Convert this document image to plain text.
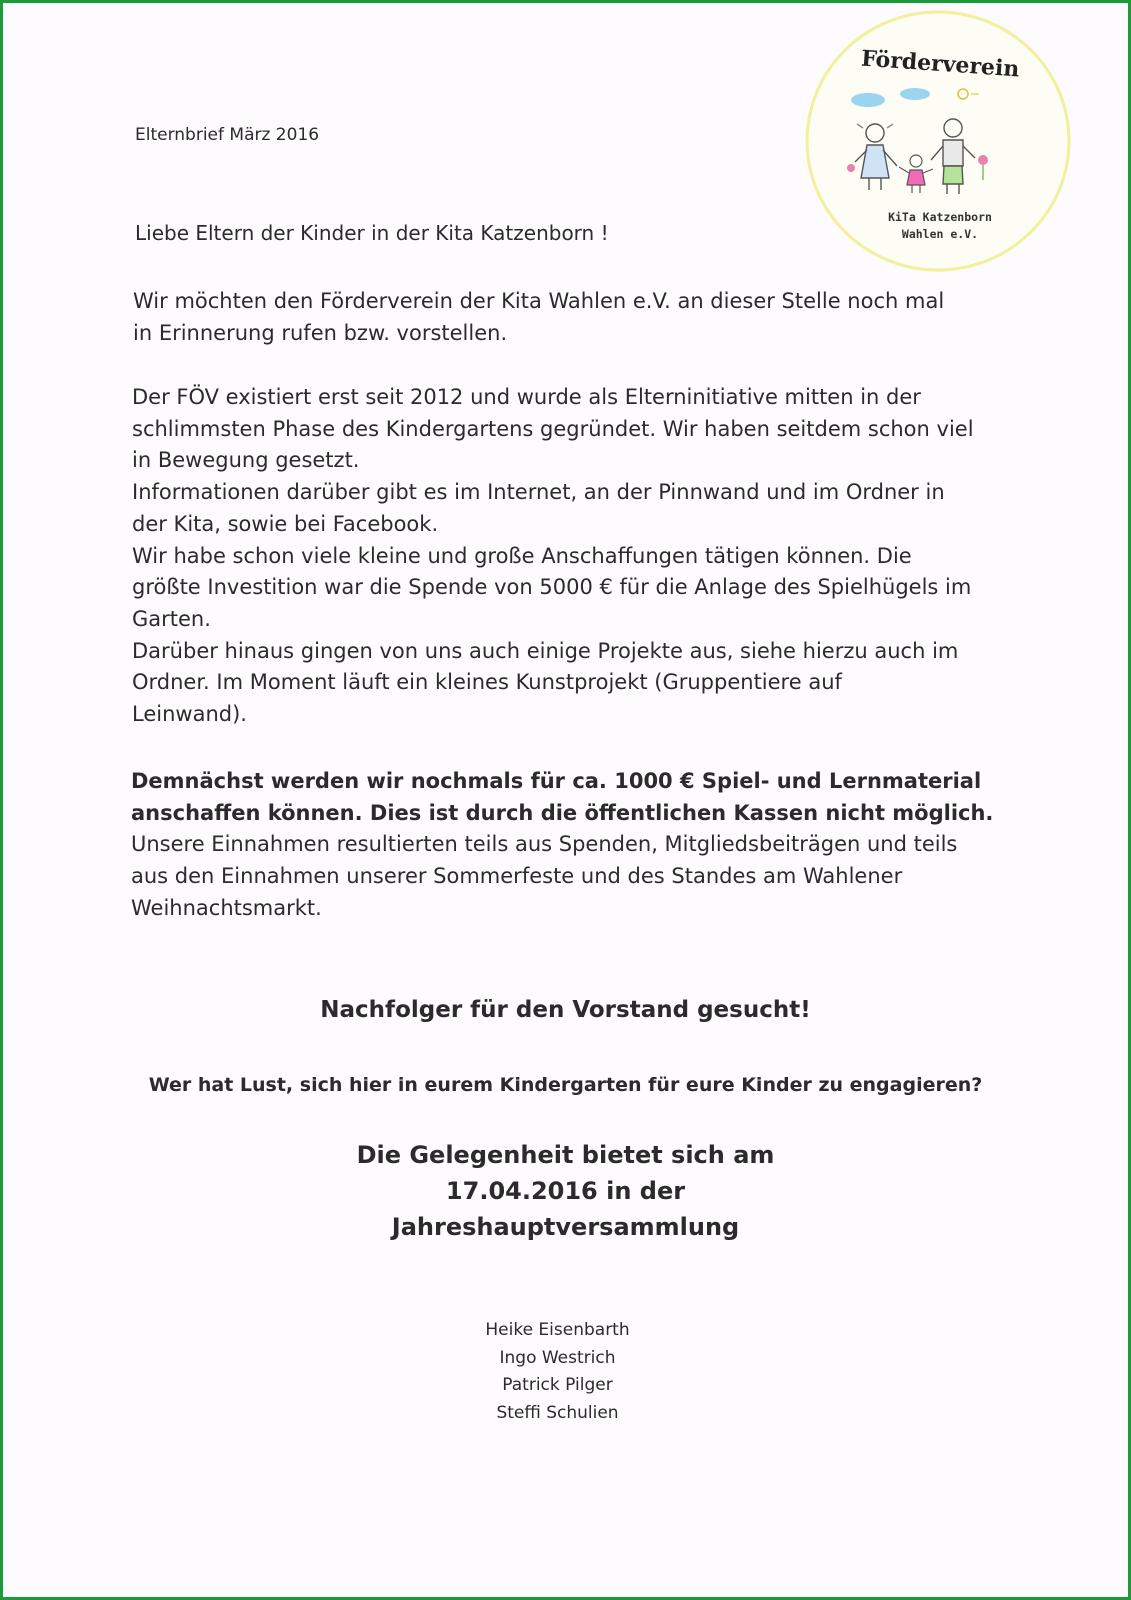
Förderverein
KiTa Katzenborn
Wahlen e.V.
Elternbrief März 2016
Liebe Eltern der Kinder in der Kita Katzenborn !
Wir möchten den Förderverein der Kita Wahlen e.V. an dieser Stelle noch mal
in Erinnerung rufen bzw. vorstellen.
Der FÖV existiert erst seit 2012 und wurde als Elterninitiative mitten in der
schlimmsten Phase des Kindergartens gegründet. Wir haben seitdem schon viel
in Bewegung gesetzt.
Informationen darüber gibt es im Internet, an der Pinnwand und im Ordner in
der Kita, sowie bei Facebook.
Wir habe schon viele kleine und große Anschaffungen tätigen können. Die
größte Investition war die Spende von 5000 € für die Anlage des Spielhügels im
Garten.
Darüber hinaus gingen von uns auch einige Projekte aus, siehe hierzu auch im
Ordner. Im Moment läuft ein kleines Kunstprojekt (Gruppentiere auf
Leinwand).
Demnächst werden wir nochmals für ca. 1000 € Spiel- und Lernmaterial
anschaffen können. Dies ist durch die öffentlichen Kassen nicht möglich.
Unsere Einnahmen resultierten teils aus Spenden, Mitgliedsbeiträgen und teils
aus den Einnahmen unserer Sommerfeste und des Standes am Wahlener
Weihnachtsmarkt.
Nachfolger für den Vorstand gesucht!
Wer hat Lust, sich hier in eurem Kindergarten für eure Kinder zu engagieren?
Die Gelegenheit bietet sich am
17.04.2016 in der
Jahreshauptversammlung
Heike Eisenbarth
Ingo Westrich
Patrick Pilger
Steffi Schulien
